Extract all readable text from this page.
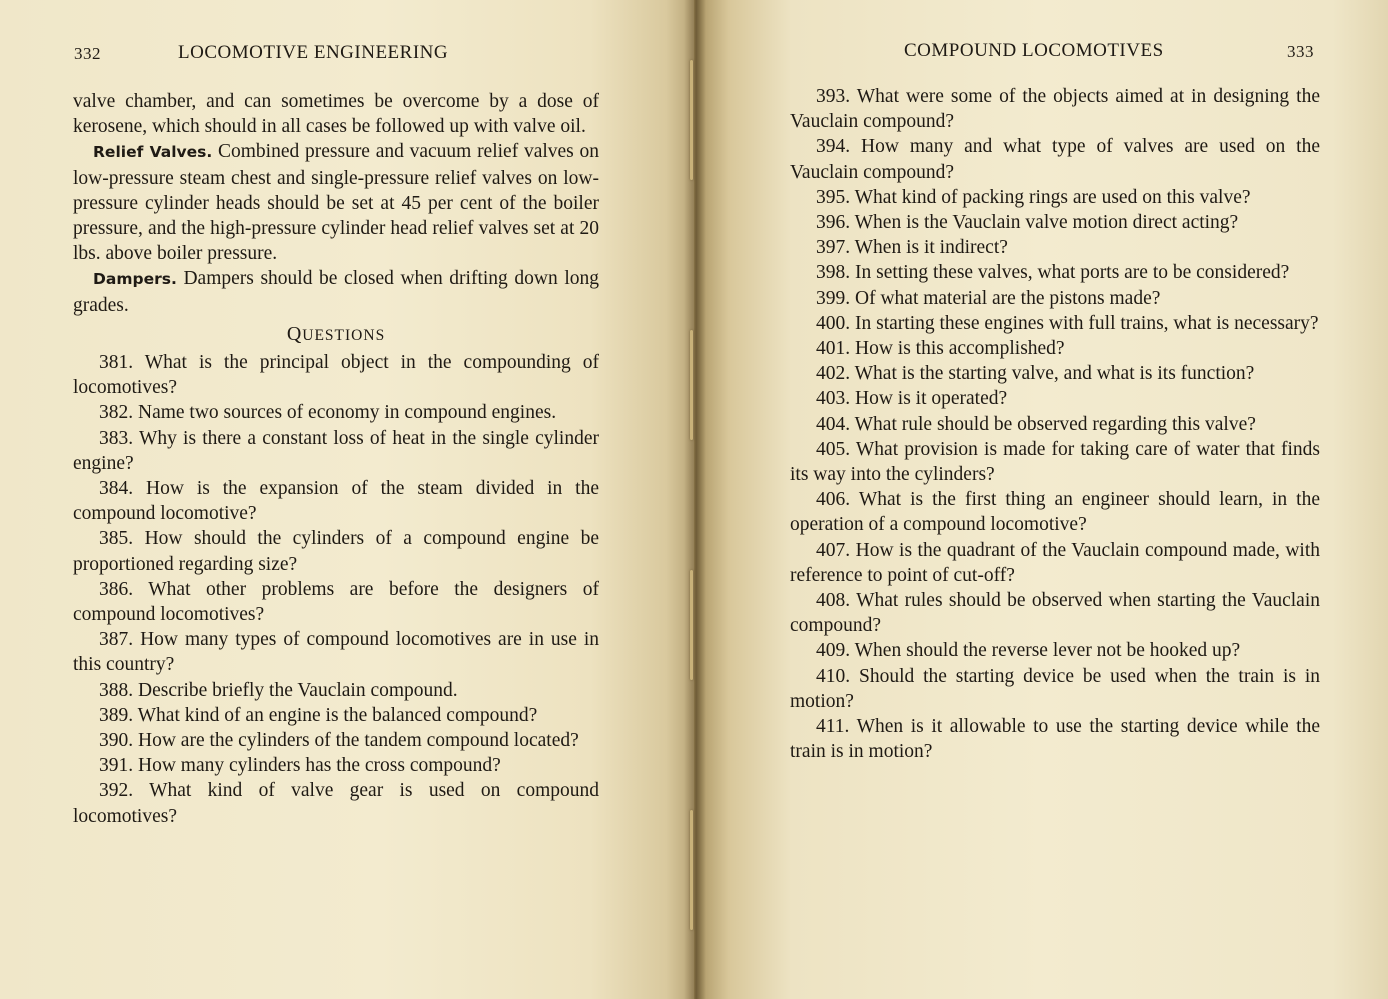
332	LOCOMOTIVE ENGINEERING

valve chamber, and can sometimes be overcome by a dose of kerosene, which should in all cases be followed up with valve oil.

Relief Valves. Combined pressure and vacuum relief valves on low-pressure steam chest and single-pressure relief valves on low-pressure cylinder heads should be set at 45 per cent of the boiler pressure, and the high-pressure cylinder head relief valves set at 20 lbs. above boiler pressure.

Dampers. Dampers should be closed when drifting down long grades.

QUESTIONS

381. What is the principal object in the compounding of locomotives?

382. Name two sources of economy in compound engines.

383. Why is there a constant loss of heat in the single cylinder engine?

384. How is the expansion of the steam divided in the compound locomotive?

385. How should the cylinders of a compound engine be proportioned regarding size?

386. What other problems are before the designers of compound locomotives?

387. How many types of compound locomotives are in use in this country?

388. Describe briefly the Vauclain compound.

389. What kind of an engine is the balanced compound?

390. How are the cylinders of the tandem compound located?

391. How many cylinders has the cross compound?

392. What kind of valve gear is used on compound locomotives?

COMPOUND LOCOMOTIVES	333

393. What were some of the objects aimed at in designing the Vauclain compound?

394. How many and what type of valves are used on the Vauclain compound?

395. What kind of packing rings are used on this valve?

396. When is the Vauclain valve motion direct acting?

397. When is it indirect?

398. In setting these valves, what ports are to be considered?

399. Of what material are the pistons made?

400. In starting these engines with full trains, what is necessary?

401. How is this accomplished?

402. What is the starting valve, and what is its function?

403. How is it operated?

404. What rule should be observed regarding this valve?

405. What provision is made for taking care of water that finds its way into the cylinders?

406. What is the first thing an engineer should learn, in the operation of a compound locomotive?

407. How is the quadrant of the Vauclain compound made, with reference to point of cut-off?

408. What rules should be observed when starting the Vauclain compound?

409. When should the reverse lever not be hooked up?

410. Should the starting device be used when the train is in motion?

411. When is it allowable to use the starting device while the train is in motion?
